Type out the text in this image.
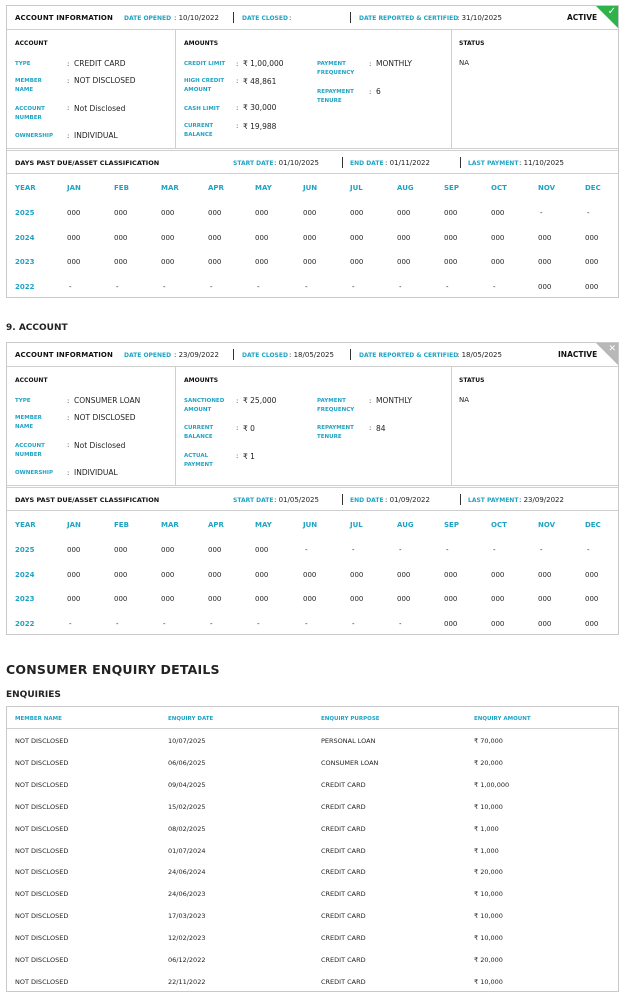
ACCOUNT INFORMATION DATE OPENED : 10/10/2022	DATE CLOSED :	DATE REPORTED & CERTIFIED
: 31/10/2025	ACTIVE
✓
ACCOUNT
TYPE	: CREDIT CARD
MEMBER NAME
: NOT DISCLOSED
ACCOUNT NUMBER
: Not Disclosed
OWNERSHIP	: INDIVIDUAL
AMOUNTS
CREDIT LIMIT	: ₹ 1,00,000
HIGH CREDIT AMOUNT
: ₹ 48,861
CASH LIMIT	: ₹ 30,000
CURRENT BALANCE
: ₹ 19,988
PAYMENT FREQUENCY
: MONTHLY
REPAYMENT TENURE
: 6
STATUS
NA
DAYS PAST DUE/ASSET CLASSIFICATION	START DATE : 01/10/2025	END DATE : 01/11/2022	LAST PAYMENT : 11/10/2025
YEAR	JAN	FEB	MAR	APR	MAY	JUN	JUL	AUG	SEP	OCT	NOV	DEC
2025	000	000	000	000	000	000	000	000	000	000	-	-
2024	000	000	000	000	000	000	000	000	000	000	000	000
2023	000	000	000	000	000	000	000	000	000	000	000	000
2022	-	-	-	-	-	-	-	-	-	-	000	000
9. ACCOUNT
ACCOUNT INFORMATION DATE OPENED : 23/09/2022	DATE CLOSED : 18/05/2025	DATE REPORTED & CERTIFIED
: 18/05/2025	INACTIVE
✕
ACCOUNT
TYPE	: CONSUMER LOAN
MEMBER NAME
: NOT DISCLOSED
ACCOUNT NUMBER
: Not Disclosed
OWNERSHIP	: INDIVIDUAL
AMOUNTS
SANCTIONED AMOUNT
: ₹ 25,000
CURRENT BALANCE
: ₹ 0
ACTUAL PAYMENT
: ₹ 1
PAYMENT FREQUENCY
: MONTHLY
REPAYMENT TENURE
: 84
STATUS
NA
DAYS PAST DUE/ASSET CLASSIFICATION	START DATE : 01/05/2025	END DATE : 01/09/2022	LAST PAYMENT : 23/09/2022
YEAR	JAN	FEB	MAR	APR	MAY	JUN	JUL	AUG	SEP	OCT	NOV	DEC
2025	000	000	000	000	000	-	-	-	-	-	-	-
2024	000	000	000	000	000	000	000	000	000	000	000	000
2023	000	000	000	000	000	000	000	000	000	000	000	000
2022	-	-	-	-	-	-	-	-	000	000	000	000
CONSUMER ENQUIRY DETAILS
ENQUIRIES
MEMBER NAME	ENQUIRY DATE	ENQUIRY PURPOSE	ENQUIRY AMOUNT
NOT DISCLOSED	10/07/2025	PERSONAL LOAN	₹ 70,000
NOT DISCLOSED	06/06/2025	CONSUMER LOAN	₹ 20,000
NOT DISCLOSED	09/04/2025	CREDIT CARD	₹ 1,00,000
NOT DISCLOSED	15/02/2025	CREDIT CARD	₹ 10,000
NOT DISCLOSED	08/02/2025	CREDIT CARD	₹ 1,000
NOT DISCLOSED	01/07/2024	CREDIT CARD	₹ 1,000
NOT DISCLOSED	24/06/2024	CREDIT CARD	₹ 20,000
NOT DISCLOSED	24/06/2023	CREDIT CARD	₹ 10,000
NOT DISCLOSED	17/03/2023	CREDIT CARD	₹ 10,000
NOT DISCLOSED	12/02/2023	CREDIT CARD	₹ 10,000
NOT DISCLOSED	06/12/2022	CREDIT CARD	₹ 20,000
NOT DISCLOSED	22/11/2022	CREDIT CARD	₹ 10,000
